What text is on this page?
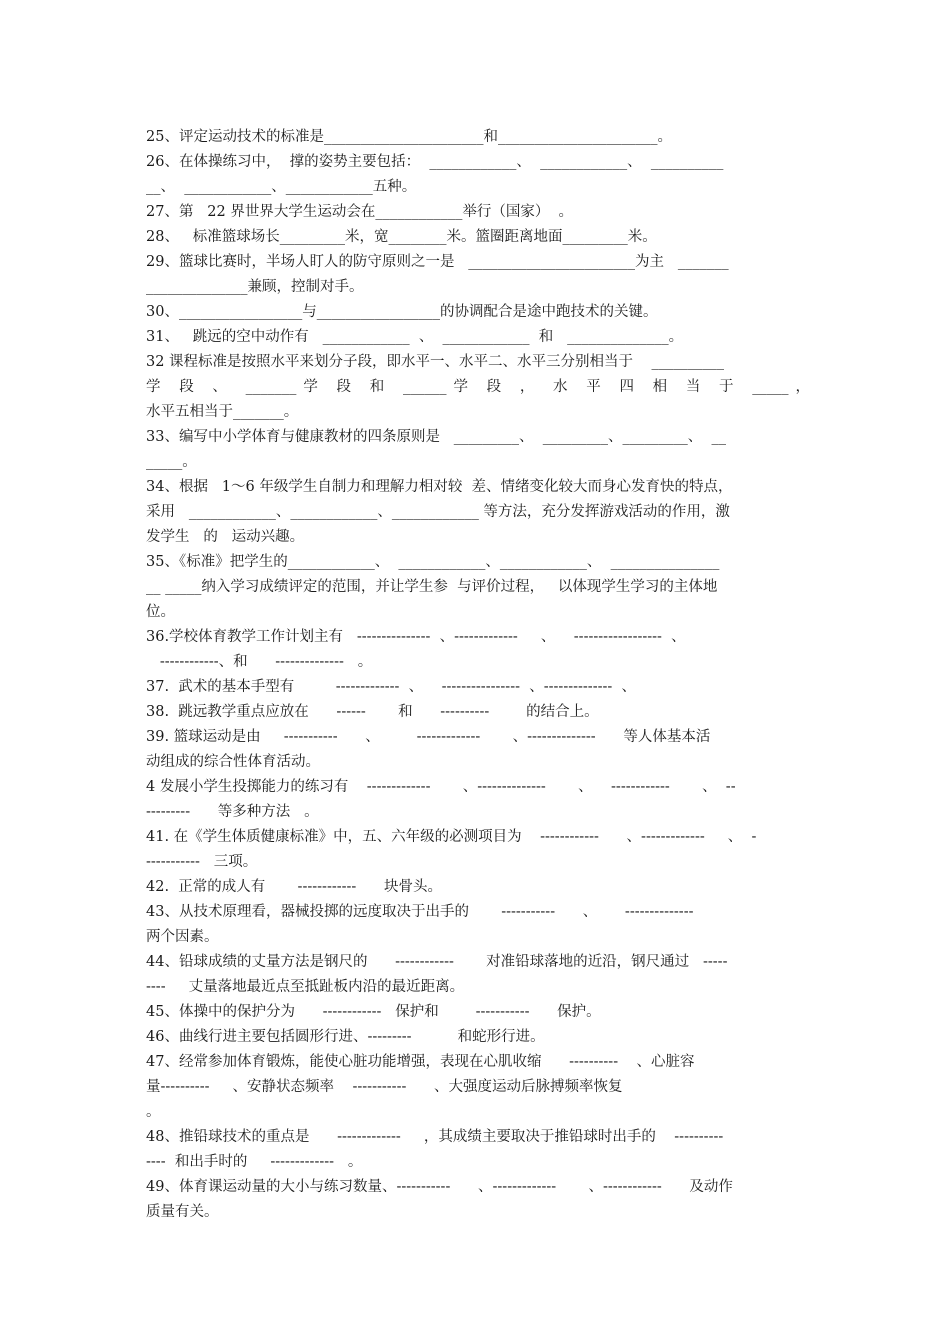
25、评定运动技术的标准是______________________和______________________。
26、在体操练习中，  撑的姿势主要包括：  ____________、  ____________、  __________
__、  ____________、____________五种。
27、第   22 界世界大学生运动会在____________举行（国家）  。
28、   标准篮球场长_________米，宽________米。篮圈距离地面_________米。
29、篮球比赛时，半场人盯人的防守原则之一是   _______________________为主   _______
______________兼顾，控制对手。
30、_________________与_________________的协调配合是途中跑技术的关键。
31、   跳远的空中动作有   ____________  、  ____________  和   ______________。
32 课程标准是按照水平来划分子段，即水平一、水平二、水平三分别相当于    __________
学 段 、 _______学 段 和 ______学 段 ， 水 平 四 相 当 于 _____，
水平五相当于_______。
33、编写中小学体育与健康教材的四条原则是   _________、  _________、_________、  __
_____。
34、根据   1～6 年级学生自制力和理解力相对较  差、情绪变化较大而身心发育快的特点，
采用   ____________、____________、____________ 等方法，充分发挥游戏活动的作用，激
发学生   的   运动兴趣。
35、《标准》把学生的____________、  ____________、____________、  _______________
__ _____纳入学习成绩评定的范围，并让学生参  与评价过程，   以体现学生学习的主体地
位。
36.学校体育教学工作计划主有   ---------------  、-------------     、    ------------------  、
------------、和      --------------   。
37.  武术的基本手型有         -------------  、    ----------------  、--------------  、
38.  跳远教学重点应放在      ------       和      ----------        的结合上。
39. 篮球运动是由     -----------      、        -------------       、--------------      等人体基本活
动组成的综合性体育活动。
4 发展小学生投掷能力的练习有    -------------       、--------------       、    ------------       、  --
---------      等多种方法   。
41. 在《学生体质健康标准》中，五、六年级的必测项目为    ------------      、-------------     、  -
-----------   三项。
42.  正常的成人有       ------------      块骨头。
43、从技术原理看，器械投掷的远度取决于出手的       -----------      、      --------------
两个因素。
44、铅球成绩的丈量方法是钢尺的      ------------       对准铅球落地的近沿，钢尺通过   -----
----     丈量落地最近点至抵趾板内沿的最近距离。
45、体操中的保护分为      ------------   保护和        -----------      保护。
46、曲线行进主要包括圆形行进、---------          和蛇形行进。
47、经常参加体育锻炼，能使心脏功能增强，表现在心肌收缩      ----------    、心脏容
量----------     、安静状态频率    -----------      、大强度运动后脉搏频率恢复
。
48、推铅球技术的重点是      -------------     ，其成绩主要取决于推铅球时出手的    ----------
----  和出手时的     -------------   。
49、体育课运动量的大小与练习数量、-----------      、-------------       、------------      及动作
质量有关。
